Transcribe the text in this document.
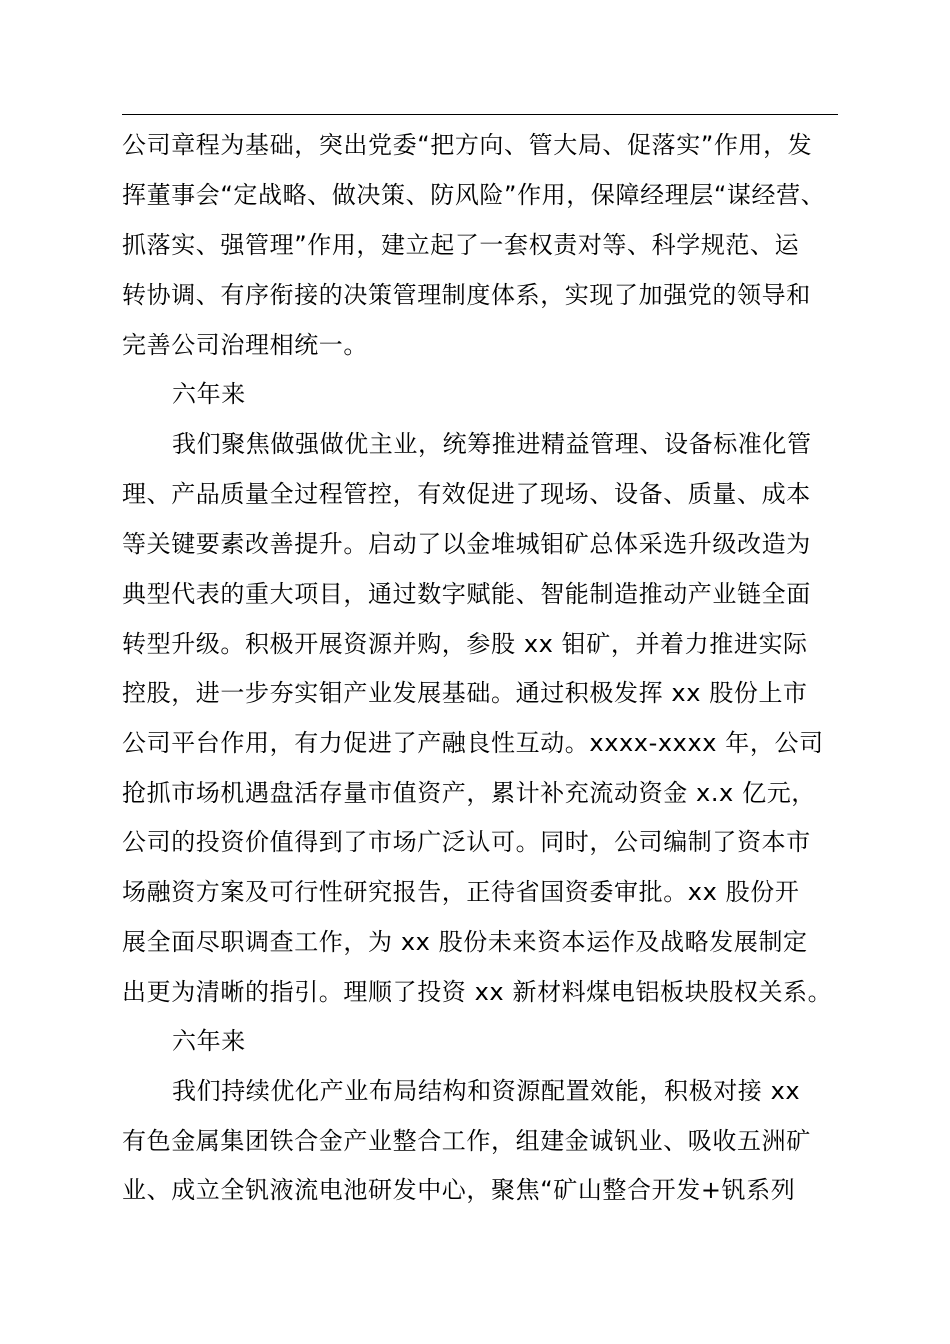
公司章程为基础，突出党委“把方向、管大局、促落实”作用，发
挥董事会“定战略、做决策、防风险”作用，保障经理层“谋经营、
抓落实、强管理”作用，建立起了一套权责对等、科学规范、运
转协调、有序衔接的决策管理制度体系，实现了加强党的领导和
完善公司治理相统一。
六年来
我们聚焦做强做优主业，统筹推进精益管理、设备标准化管
理、产品质量全过程管控，有效促进了现场、设备、质量、成本
等关键要素改善提升。启动了以金堆城钼矿总体采选升级改造为
典型代表的重大项目，通过数字赋能、智能制造推动产业链全面
转型升级。积极开展资源并购，参股 xx 钼矿，并着力推进实际
控股，进一步夯实钼产业发展基础。通过积极发挥 xx 股份上市
公司平台作用，有力促进了产融良性互动。xxxx-xxxx 年，公司
抢抓市场机遇盘活存量市值资产，累计补充流动资金 x.x 亿元，
公司的投资价值得到了市场广泛认可。同时，公司编制了资本市
场融资方案及可行性研究报告，正待省国资委审批。xx 股份开
展全面尽职调查工作，为 xx 股份未来资本运作及战略发展制定
出更为清晰的指引。理顺了投资 xx 新材料煤电铝板块股权关系。
六年来
我们持续优化产业布局结构和资源配置效能，积极对接 xx
有色金属集团铁合金产业整合工作，组建金诚钒业、吸收五洲矿
业、成立全钒液流电池研发中心，聚焦“矿山整合开发+钒系列
